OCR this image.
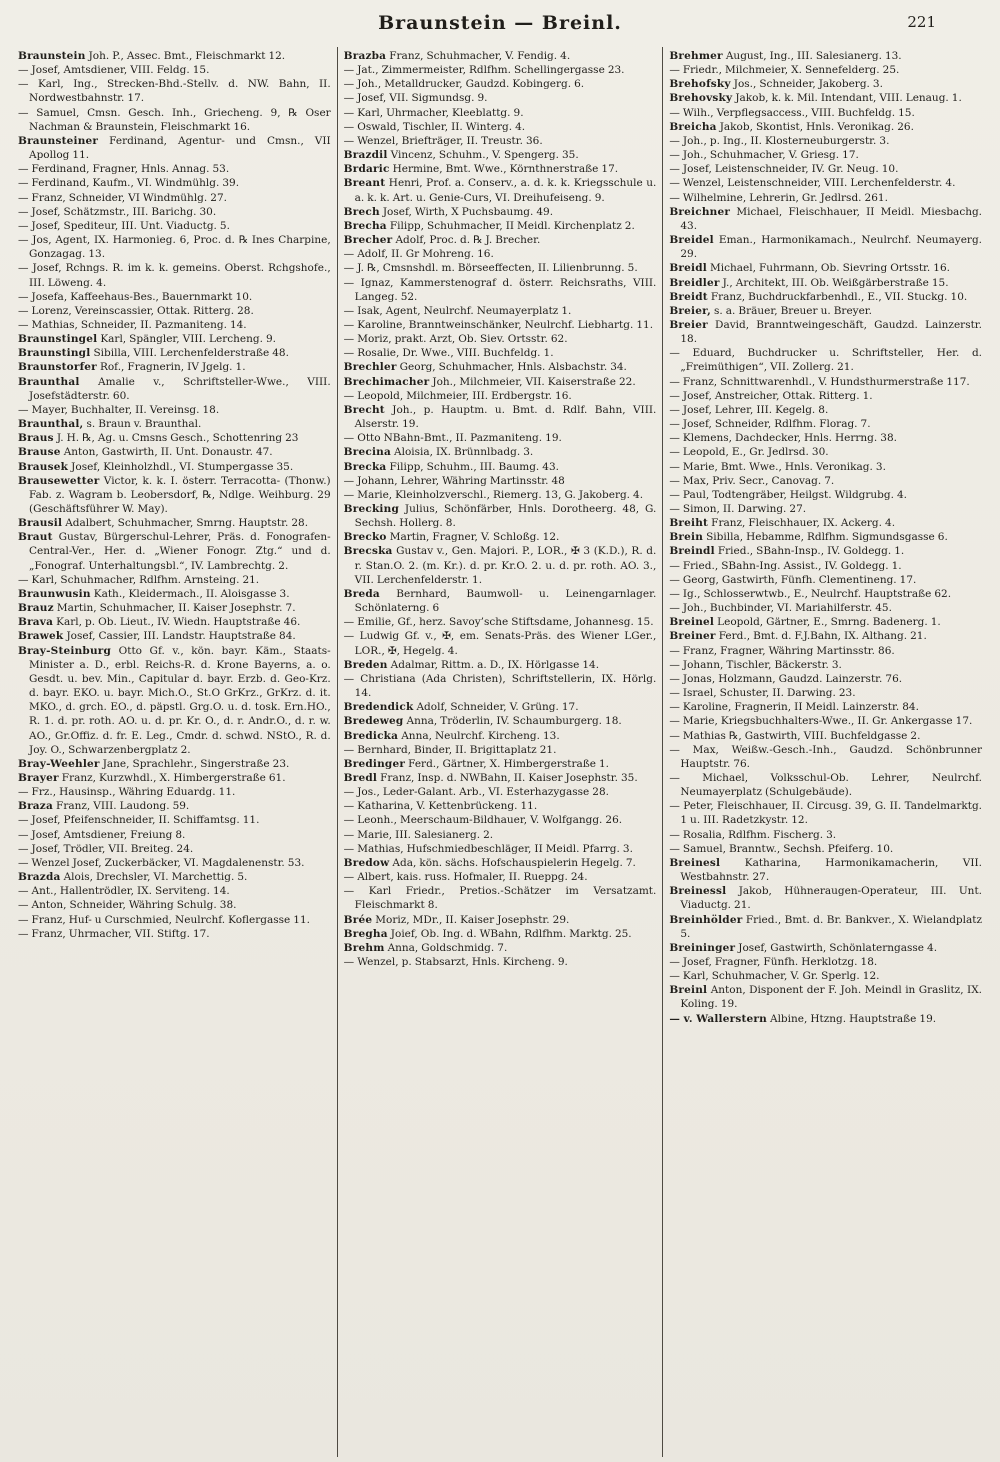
Braunstein — Breinl.	221

Braunstein Joh. P., Assec. Bmt., Fleischmarkt 12.

— Josef, Amtsdiener, VIII. Feldg. 15.

— Karl, Ing., Strecken-Bhd.-Stellv. d. NW. Bahn, II. Nordwestbahnstr. 17.

— Samuel, Cmsn. Gesch. Inh., Griecheng. 9, ℞ Oser Nachman & Braunstein, Fleischmarkt 16.

Braunsteiner Ferdinand, Agentur- und Cmsn., VII Apollog 11.

— Ferdinand, Fragner, Hnls. Annag. 53.

— Ferdinand, Kaufm., VI. Windmühlg. 39.

— Franz, Schneider, VI Windmühlg. 27.

— Josef, Schätzmstr., III. Barichg. 30.

— Josef, Spediteur, III. Unt. Viaductg. 5.

— Jos, Agent, IX. Harmonieg. 6, Proc. d. ℞ Ines Charpine, Gonzagag. 13.

— Josef, Rchngs. R. im k. k. gemeins. Oberst. Rchgshofe., III. Löweng. 4.

— Josefa, Kaffeehaus-Bes., Bauernmarkt 10.

— Lorenz, Vereinscassier, Ottak. Ritterg. 28.

— Mathias, Schneider, II. Pazmaniteng. 14.

Braunstingel Karl, Spängler, VIII. Lercheng. 9.

Braunstingl Sibilla, VIII. Lerchenfelderstraße 48.

Braunstorfer Rof., Fragnerin, IV Jgelg. 1.

Braunthal Amalie v., Schriftsteller-Wwe., VIII. Josefstädterstr. 60.

— Mayer, Buchhalter, II. Vereinsg. 18.

Braunthal, s. Braun v. Braunthal.

Braus J. H. ℞, Ag. u. Cmsns Gesch., Schottenring 23

Brause Anton, Gastwirth, II. Unt. Donaustr. 47.

Brausek Josef, Kleinholzhdl., VI. Stumpergasse 35.

Brausewetter Victor, k. k. I. österr. Terracotta- (Thonw.) Fab. z. Wagram b. Leobersdorf, ℞, Ndlge. Weihburg. 29 (Geschäftsführer W. May).

Brausil Adalbert, Schuhmacher, Smrng. Hauptstr. 28.

Braut Gustav, Bürgerschul-Lehrer, Präs. d. Fonografen-Central-Ver., Her. d. „Wiener Fonogr. Ztg.“ und d. „Fonograf. Unterhaltungsbl.“, IV. Lambrechtg. 2.

— Karl, Schuhmacher, Rdlfhm. Arnsteing. 21.

Braunwusin Kath., Kleidermach., II. Aloisgasse 3.

Brauz Martin, Schuhmacher, II. Kaiser Josephstr. 7.

Brava Karl, p. Ob. Lieut., IV. Wiedn. Hauptstraße 46.

Brawek Josef, Cassier, III. Landstr. Hauptstraße 84.

Bray-Steinburg Otto Gf. v., kön. bayr. Käm., Staats-Minister a. D., erbl. Reichs-R. d. Krone Bayerns, a. o. Gesdt. u. bev. Min., Capitular d. bayr. Erzb. d. Geo-Krz. d. bayr. EKO. u. bayr. Mich.O., St.O GrKrz., GrKrz. d. it. MKO., d. grch. EO., d. päpstl. Grg.O. u. d. tosk. Ern.HO., R. 1. d. pr. roth. AO. u. d. pr. Kr. O., d. r. Andr.O., d. r. w. AO., Gr.Offiz. d. fr. E. Leg., Cmdr. d. schwd. NStO., R. d. Joy. O., Schwarzenbergplatz 2.

Bray-Weehler Jane, Sprachlehr., Singerstraße 23.

Brayer Franz, Kurzwhdl., X. Himbergerstraße 61.

— Frz., Hausinsp., Währing Eduardg. 11.

Braza Franz, VIII. Laudong. 59.

— Josef, Pfeifenschneider, II. Schiffamtsg. 11.

— Josef, Amtsdiener, Freiung 8.

— Josef, Trödler, VII. Breiteg. 24.

— Wenzel Josef, Zuckerbäcker, VI. Magdalenenstr. 53.

Brazda Alois, Drechsler, VI. Marchettig. 5.

— Ant., Hallentrödler, IX. Serviteng. 14.

— Anton, Schneider, Währing Schulg. 38.

— Franz, Huf- u Curschmied, Neulrchf. Koflergasse 11.

— Franz, Uhrmacher, VII. Stiftg. 17.

Brazba Franz, Schuhmacher, V. Fendig. 4.

— Jat., Zimmermeister, Rdlfhm. Schellingergasse 23.

— Joh., Metalldrucker, Gaudzd. Kobingerg. 6.

— Josef, VII. Sigmundsg. 9.

— Karl, Uhrmacher, Kleeblattg. 9.

— Oswald, Tischler, II. Winterg. 4.

— Wenzel, Briefträger, II. Treustr. 36.

Brazdil Vincenz, Schuhm., V. Spengerg. 35.

Brdaric Hermine, Bmt. Wwe., Körnthnerstraße 17.

Breant Henri, Prof. a. Conserv., a. d. k. k. Kriegsschule u. a. k. k. Art. u. Genie-Curs, VI. Dreihufeiseng. 9.

Brech Josef, Wirth, X Puchsbaumg. 49.

Brecha Filipp, Schuhmacher, II Meidl. Kirchenplatz 2.

Brecher Adolf, Proc. d. ℞ J. Brecher.

— Adolf, II. Gr Mohreng. 16.

— J. ℞, Cmsnshdl. m. Börseeffecten, II. Lilienbrunng. 5.

— Ignaz, Kammerstenograf d. österr. Reichsraths, VIII. Langeg. 52.

— Isak, Agent, Neulrchf. Neumayerplatz 1.

— Karoline, Branntweinschänker, Neulrchf. Liebhartg. 11.

— Moriz, prakt. Arzt, Ob. Siev. Ortsstr. 62.

— Rosalie, Dr. Wwe., VIII. Buchfeldg. 1.

Brechler Georg, Schuhmacher, Hnls. Alsbachstr. 34.

Brechimacher Joh., Milchmeier, VII. Kaiserstraße 22.

— Leopold, Milchmeier, III. Erdbergstr. 16.

Brecht Joh., p. Hauptm. u. Bmt. d. Rdlf. Bahn, VIII. Alserstr. 19.

— Otto NBahn-Bmt., II. Pazmaniteng. 19.

Brecina Aloisia, IX. Brünnlbadg. 3.

Brecka Filipp, Schuhm., III. Baumg. 43.

— Johann, Lehrer, Währing Martinsstr. 48

— Marie, Kleinholzverschl., Riemerg. 13, G. Jakoberg. 4.

Brecking Julius, Schönfärber, Hnls. Dorotheerg. 48, G. Sechsh. Hollerg. 8.

Brecko Martin, Fragner, V. Schloßg. 12.

Brecska Gustav v., Gen. Majori. P., LOR., ✠ 3 (K.D.), R. d. r. Stan.O. 2. (m. Kr.). d. pr. Kr.O. 2. u. d. pr. roth. AO. 3., VII. Lerchenfelderstr. 1.

Breda Bernhard, Baumwoll- u. Leinengarnlager. Schönlaterng. 6

— Emilie, Gf., herz. Savoy’sche Stiftsdame, Johannesg. 15.

— Ludwig Gf. v., ✠, em. Senats-Präs. des Wiener LGer., LOR., ✠, Hegelg. 4.

Breden Adalmar, Rittm. a. D., IX. Hörlgasse 14.

— Christiana (Ada Christen), Schriftstellerin, IX. Hörlg. 14.

Bredendick Adolf, Schneider, V. Grüng. 17.

Bredeweg Anna, Tröderlin, IV. Schaumburgerg. 18.

Bredicka Anna, Neulrchf. Kircheng. 13.

— Bernhard, Binder, II. Brigittaplatz 21.

Bredinger Ferd., Gärtner, X. Himbergerstraße 1.

Bredl Franz, Insp. d. NWBahn, II. Kaiser Josephstr. 35.

— Jos., Leder-Galant. Arb., VI. Esterhazygasse 28.

— Katharina, V. Kettenbrückeng. 11.

— Leonh., Meerschaum-Bildhauer, V. Wolfgangg. 26.

— Marie, III. Salesianerg. 2.

— Mathias, Hufschmiedbeschläger, II Meidl. Pfarrg. 3.

Bredow Ada, kön. sächs. Hofschauspielerin Hegelg. 7.

— Albert, kais. russ. Hofmaler, II. Rueppg. 24.

— Karl Friedr., Pretios.-Schätzer im Versatzamt. Fleischmarkt 8.

Brée Moriz, MDr., II. Kaiser Josephstr. 29.

Bregha Joief, Ob. Ing. d. WBahn, Rdlfhm. Marktg. 25.

Brehm Anna, Goldschmidg. 7.

— Wenzel, p. Stabsarzt, Hnls. Kircheng. 9.

Brehmer August, Ing., III. Salesianerg. 13.

— Friedr., Milchmeier, X. Sennefelderg. 25.

Brehofsky Jos., Schneider, Jakoberg. 3.

Brehovsky Jakob, k. k. Mil. Intendant, VIII. Lenaug. 1.

— Wilh., Verpflegsaccess., VIII. Buchfeldg. 15.

Breicha Jakob, Skontist, Hnls. Veronikag. 26.

— Joh., p. Ing., II. Klosterneuburgerstr. 3.

— Joh., Schuhmacher, V. Griesg. 17.

— Josef, Leistenschneider, IV. Gr. Neug. 10.

— Wenzel, Leistenschneider, VIII. Lerchenfelderstr. 4.

— Wilhelmine, Lehrerin, Gr. Jedlrsd. 261.

Breichner Michael, Fleischhauer, II Meidl. Miesbachg. 43.

Breidel Eman., Harmonikamach., Neulrchf. Neumayerg. 29.

Breidl Michael, Fuhrmann, Ob. Sievring Ortsstr. 16.

Breidler J., Architekt, III. Ob. Weißgärberstraße 15.

Breidt Franz, Buchdruckfarbenhdl., E., VII. Stuckg. 10.

Breier, s. a. Bräuer, Breuer u. Breyer.

Breier David, Branntweingeschäft, Gaudzd. Lainzerstr. 18.

— Eduard, Buchdrucker u. Schriftsteller, Her. d. „Freimüthigen“, VII. Zollerg. 21.

— Franz, Schnittwarenhdl., V. Hundsthurmerstraße 117.

— Josef, Anstreicher, Ottak. Ritterg. 1.

— Josef, Lehrer, III. Kegelg. 8.

— Josef, Schneider, Rdlfhm. Florag. 7.

— Klemens, Dachdecker, Hnls. Herrng. 38.

— Leopold, E., Gr. Jedlrsd. 30.

— Marie, Bmt. Wwe., Hnls. Veronikag. 3.

— Max, Priv. Secr., Canovag. 7.

— Paul, Todtengräber, Heilgst. Wildgrubg. 4.

— Simon, II. Darwing. 27.

Breiht Franz, Fleischhauer, IX. Ackerg. 4.

Brein Sibilla, Hebamme, Rdlfhm. Sigmundsgasse 6.

Breindl Fried., SBahn-Insp., IV. Goldegg. 1.

— Fried., SBahn-Ing. Assist., IV. Goldegg. 1.

— Georg, Gastwirth, Fünfh. Clementineng. 17.

— Ig., Schlosserwtwb., E., Neulrchf. Hauptstraße 62.

— Joh., Buchbinder, VI. Mariahilferstr. 45.

Breinel Leopold, Gärtner, E., Smrng. Badenerg. 1.

Breiner Ferd., Bmt. d. F.J.Bahn, IX. Althang. 21.

— Franz, Fragner, Währing Martinsstr. 86.

— Johann, Tischler, Bäckerstr. 3.

— Jonas, Holzmann, Gaudzd. Lainzerstr. 76.

— Israel, Schuster, II. Darwing. 23.

— Karoline, Fragnerin, II Meidl. Lainzerstr. 84.

— Marie, Kriegsbuchhalters-Wwe., II. Gr. Ankergasse 17.

— Mathias ℞, Gastwirth, VIII. Buchfeldgasse 2.

— Max, Weißw.-Gesch.-Inh., Gaudzd. Schönbrunner Hauptstr. 76.

— Michael, Volksschul-Ob. Lehrer, Neulrchf. Neumayerplatz (Schulgebäude).

— Peter, Fleischhauer, II. Circusg. 39, G. II. Tandelmarktg. 1 u. III. Radetzkystr. 12.

— Rosalia, Rdlfhm. Fischerg. 3.

— Samuel, Branntw., Sechsh. Pfeiferg. 10.

Breinesl Katharina, Harmonikamacherin, VII. Westbahnstr. 27.

Breinessl Jakob, Hühneraugen-Operateur, III. Unt. Viaductg. 21.

Breinhölder Fried., Bmt. d. Br. Bankver., X. Wielandplatz 5.

Breininger Josef, Gastwirth, Schönlaterngasse 4.

— Josef, Fragner, Fünfh. Herklotzg. 18.

— Karl, Schuhmacher, V. Gr. Sperlg. 12.

Breinl Anton, Disponent der F. Joh. Meindl in Graslitz, IX. Koling. 19.

— v. Wallerstern Albine, Htzng. Hauptstraße 19.
